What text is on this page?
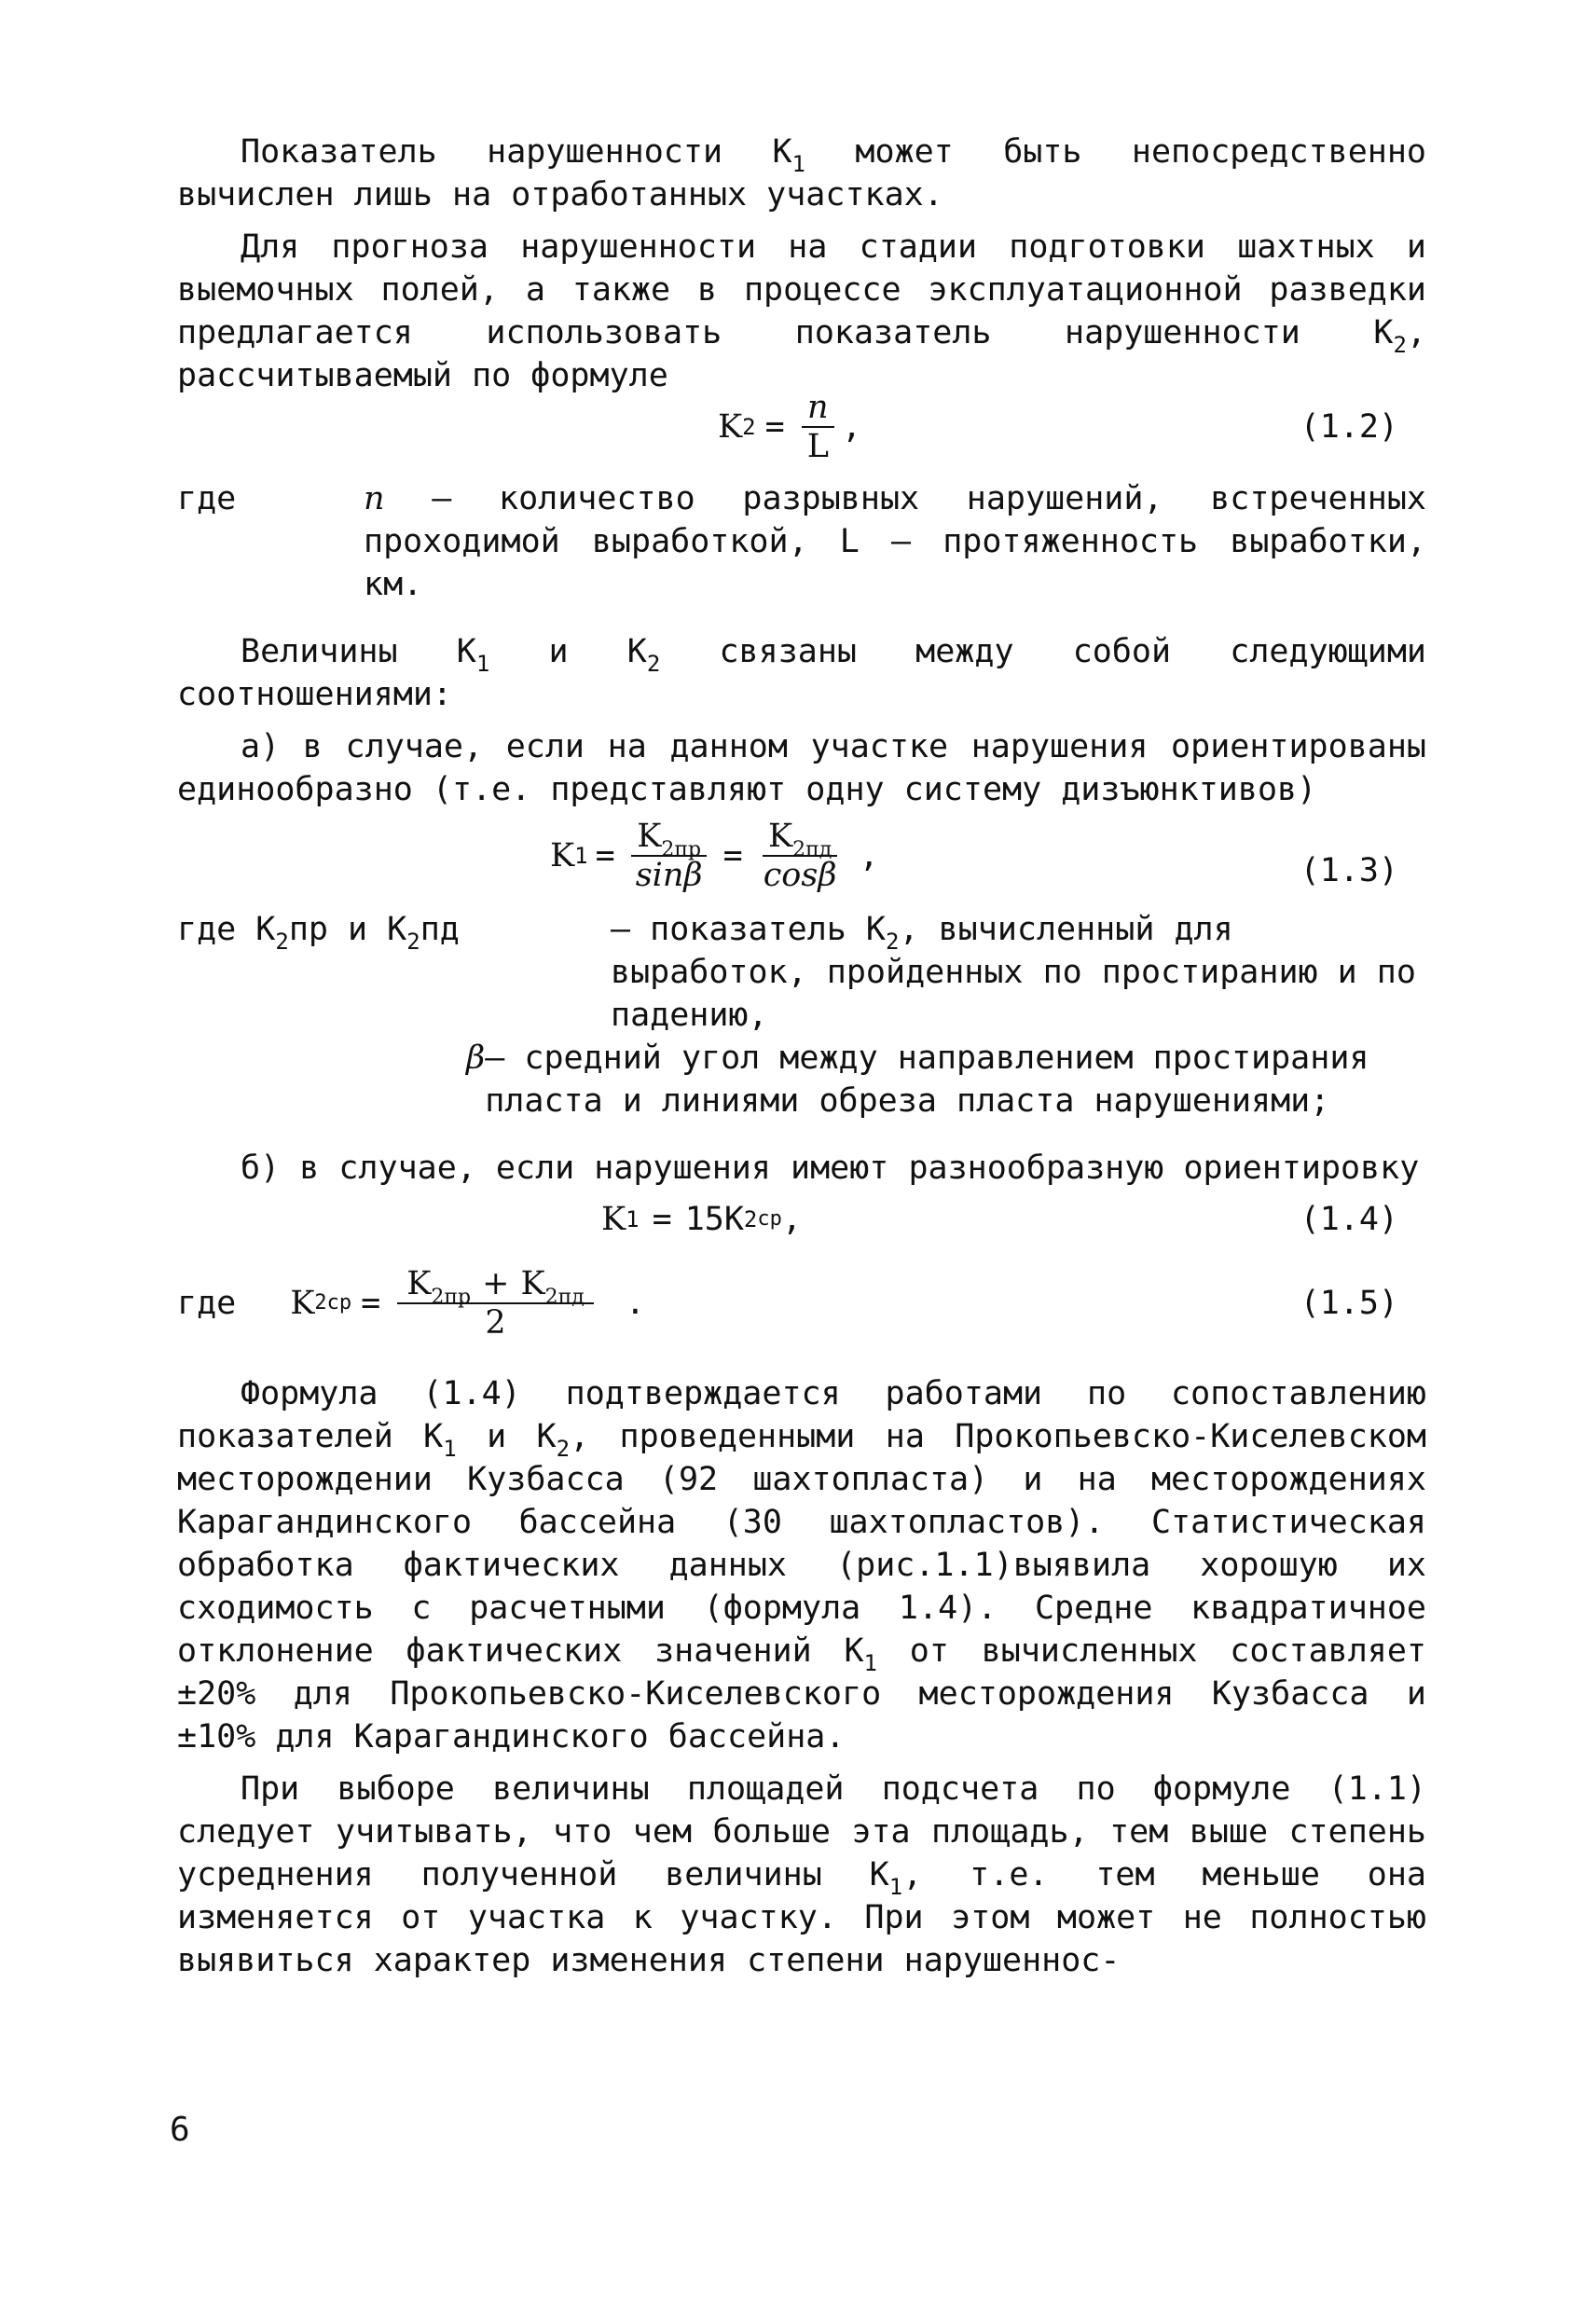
Показатель нарушенности $K_1$ может быть непосредственно вычислен лишь на отработанных участках.

Для прогноза нарушенности на стадии подготовки шахтных и выемочных полей, а также в процессе эксплуатационной разведки предлагается использовать показатель нарушенности $K_2$, рассчитываемый по формуле

K $2 = \frac{n}{L}$ ,	(1.2)
где	n – количество разрывных нарушений, встреченных проходимой выработкой, L – протяженность выработки, км.

Величины $K_1$ и $K_2$ связаны между собой следующими соотношениями:

а) в случае, если на данном участке нарушения ориентированы единообразно (т.е. представляют одну систему дизъюнктивов)

K $1 = \frac{K_{2пр}}{\sin\beta} = \frac{K_{2пд}}{\cos\beta}$ ,	(1.3)
где $K_2пр$ и $K_2пд$	– показатель $K_2$, вычисленный для выработок, пройденных по простиранию и по падению,
β – средний угол между направлением простирания пласта и линиями обреза пласта нарушениями;

б) в случае, если нарушения имеют разнообразную ориентировку

K 1 = 15K 2 ср ,	(1.4)
где K $2ср = \frac{K_{2пр} + K_{2пд}}{2}$ .	(1.5)

Формула (1.4) подтверждается работами по сопоставлению показателей $K_1$ и $K_2$, проведенными на Прокопьевско-Киселевском месторождении Кузбасса (92 шахтопласта) и на месторождениях Карагандинского бассейна (30 шахтопластов). Статистическая обработка фактических данных (рис.1.1)выявила хорошую их сходимость с расчетными (формула 1.4). Средне квадратичное отклонение фактических значений $K_1$ от вычисленных составляет ±20% для Прокопьевско-Киселевского месторождения Кузбасса и ±10% для Карагандинского бассейна.

При выборе величины площадей подсчета по формуле (1.1) следует учитывать, что чем больше эта площадь, тем выше степень усреднения полученной величины $K_1$, т.е. тем меньше она изменяется от участка к участку. При этом может не полностью выявиться характер изменения степени нарушеннос-

6
